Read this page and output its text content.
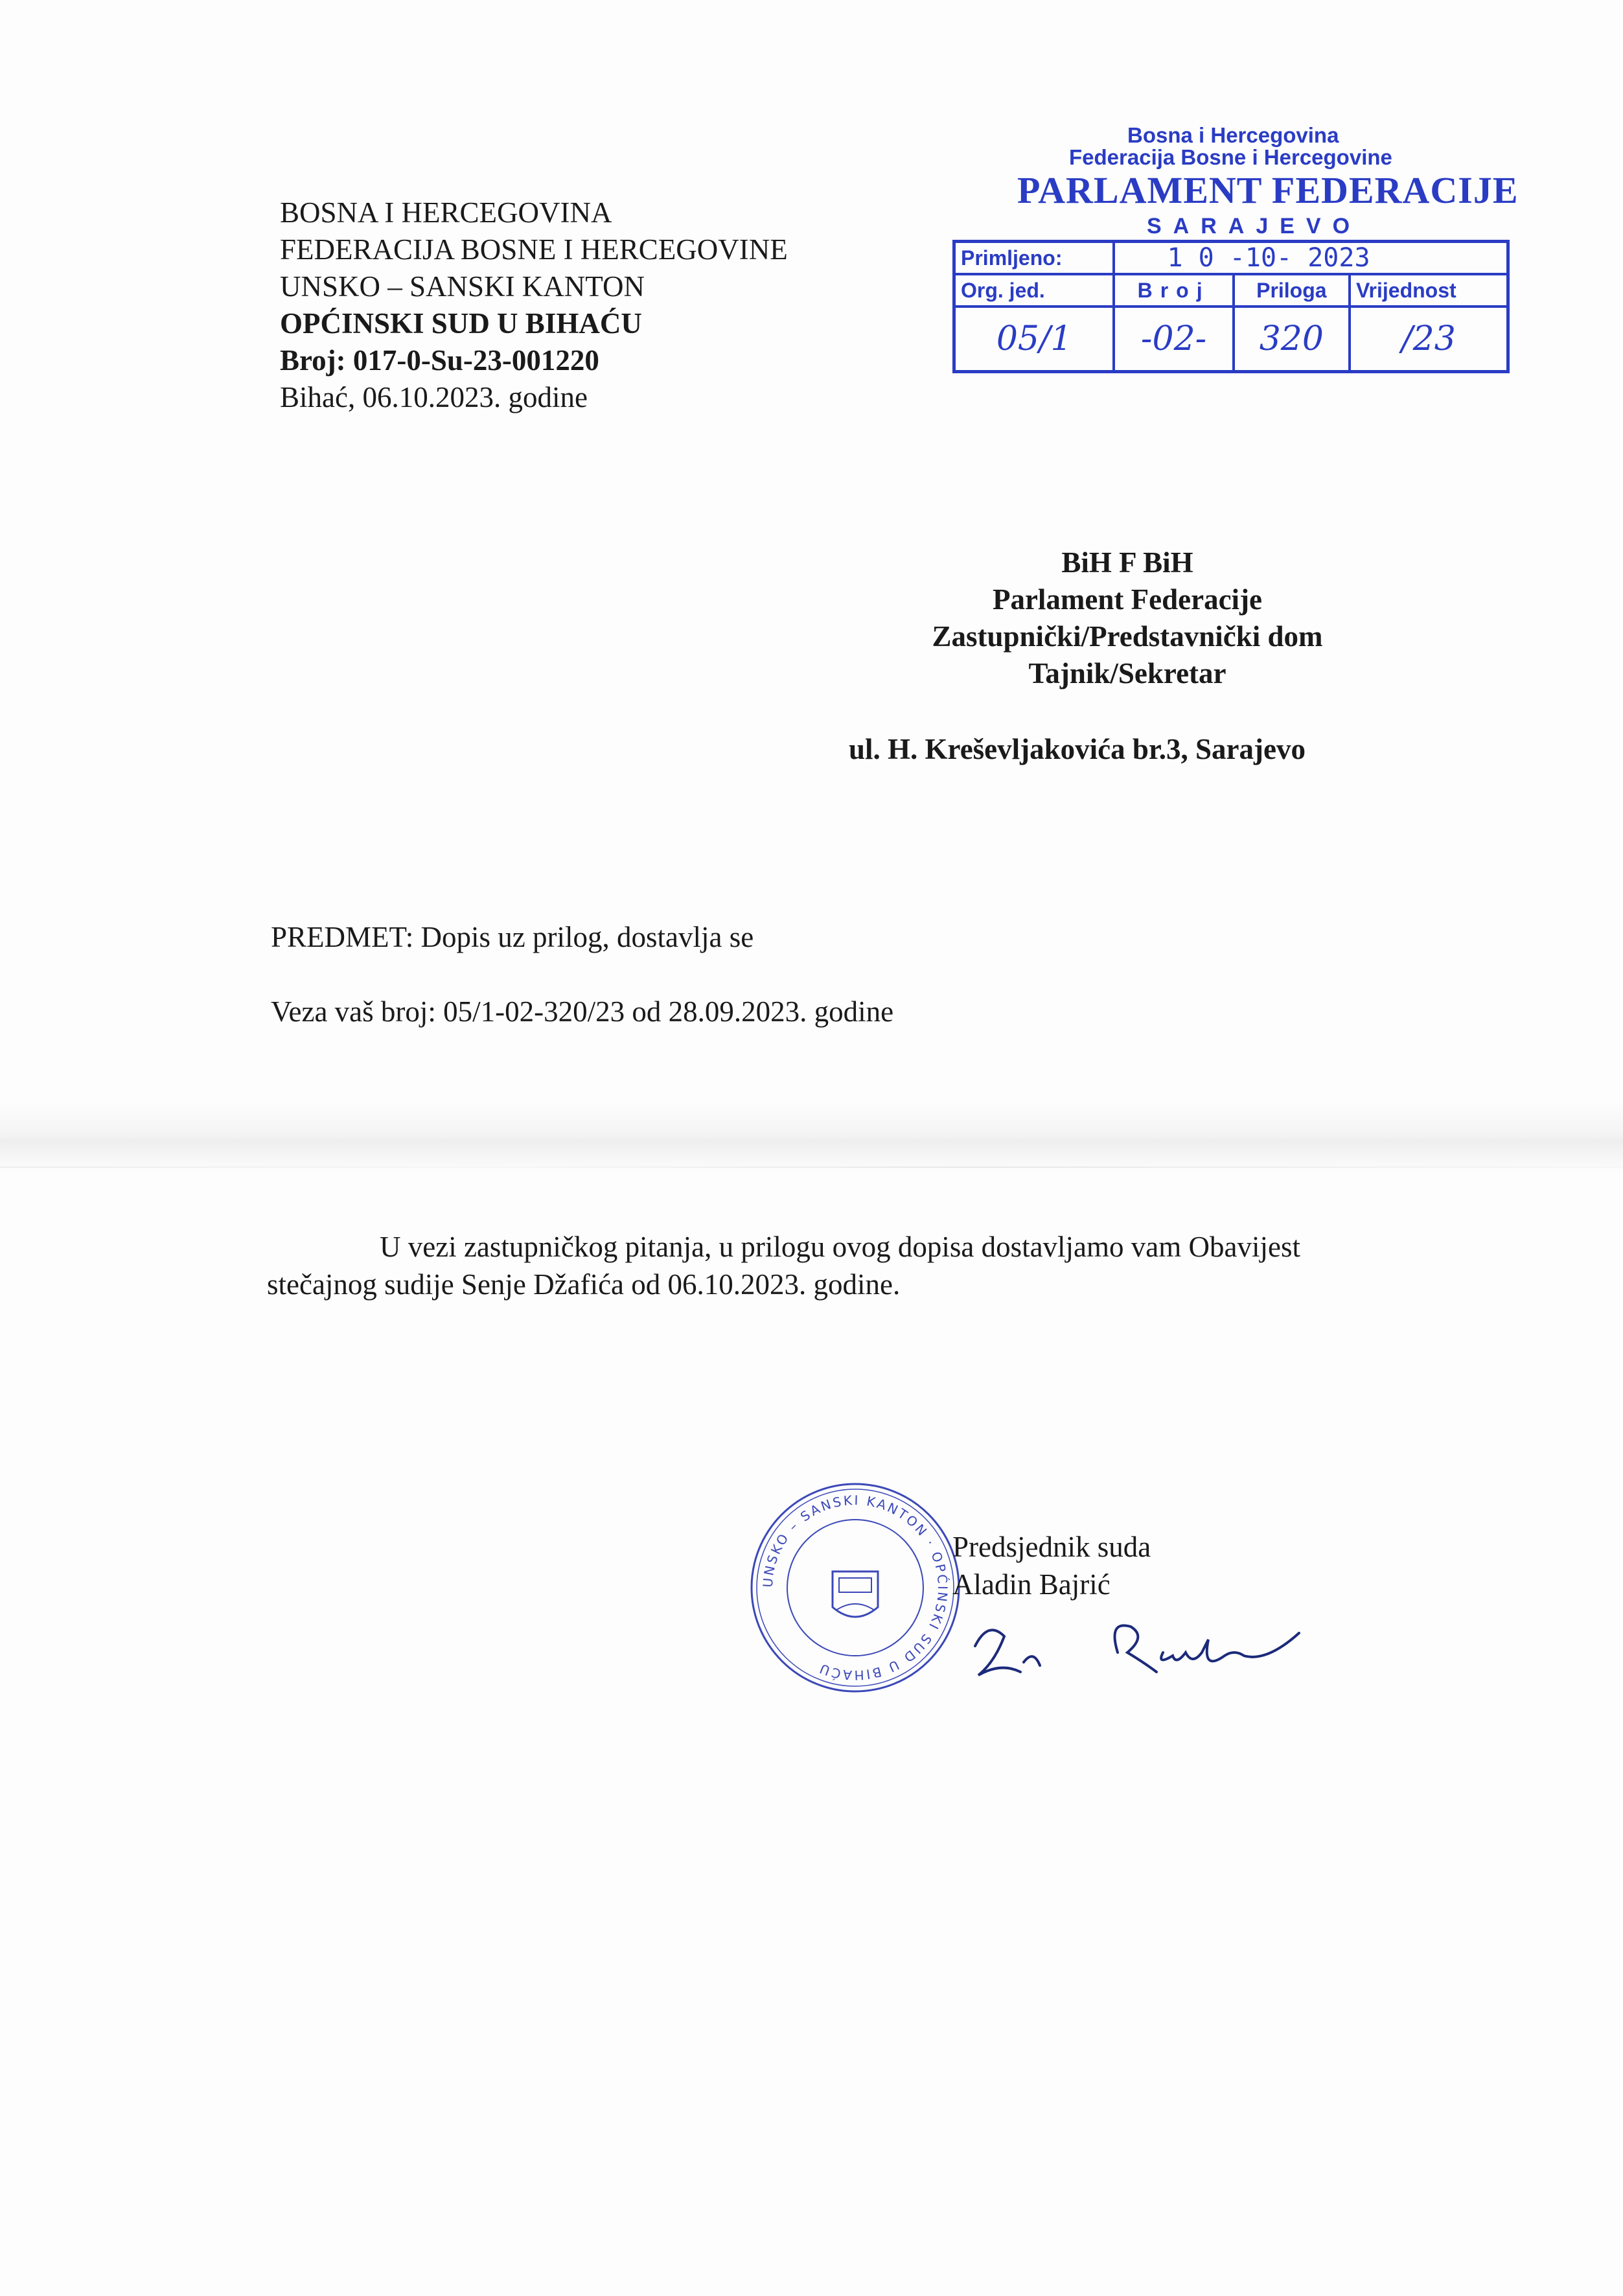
BOSNA I HERCEGOVINA
FEDERACIJA BOSNE I HERCEGOVINE
UNSKO – SANSKI KANTON
OPĆINSKI SUD U BIHAĆU
Broj: 017-0-Su-23-001220
Bihać, 06.10.2023. godine
Bosna i Hercegovina
Federacija Bosne i Hercegovine
PARLAMENT FEDERACIJE
SARAJEVO
Primljeno:	1 0 -10- 2023		
Org. jed.	Broj	Priloga	Vrijednost
05/1	-02-	320	/23
BiH F BiH
Parlament Federacije
Zastupnički/Predstavnički dom
Tajnik/Sekretar
ul. H. Kreševljakovića br.3, Sarajevo
PREDMET: Dopis uz prilog, dostavlja se
Veza vaš broj: 05/1-02-320/23 od 28.09.2023. godine
U vezi zastupničkog pitanja, u prilogu ovog dopisa dostavljamo vam Obavijest stečajnog sudije Senje Džafića od 06.10.2023. godine.
UNSKO – SANSKI KANTON · OPĆINSKI SUD U BIHAĆU
Predsjednik suda
Aladin Bajrić
